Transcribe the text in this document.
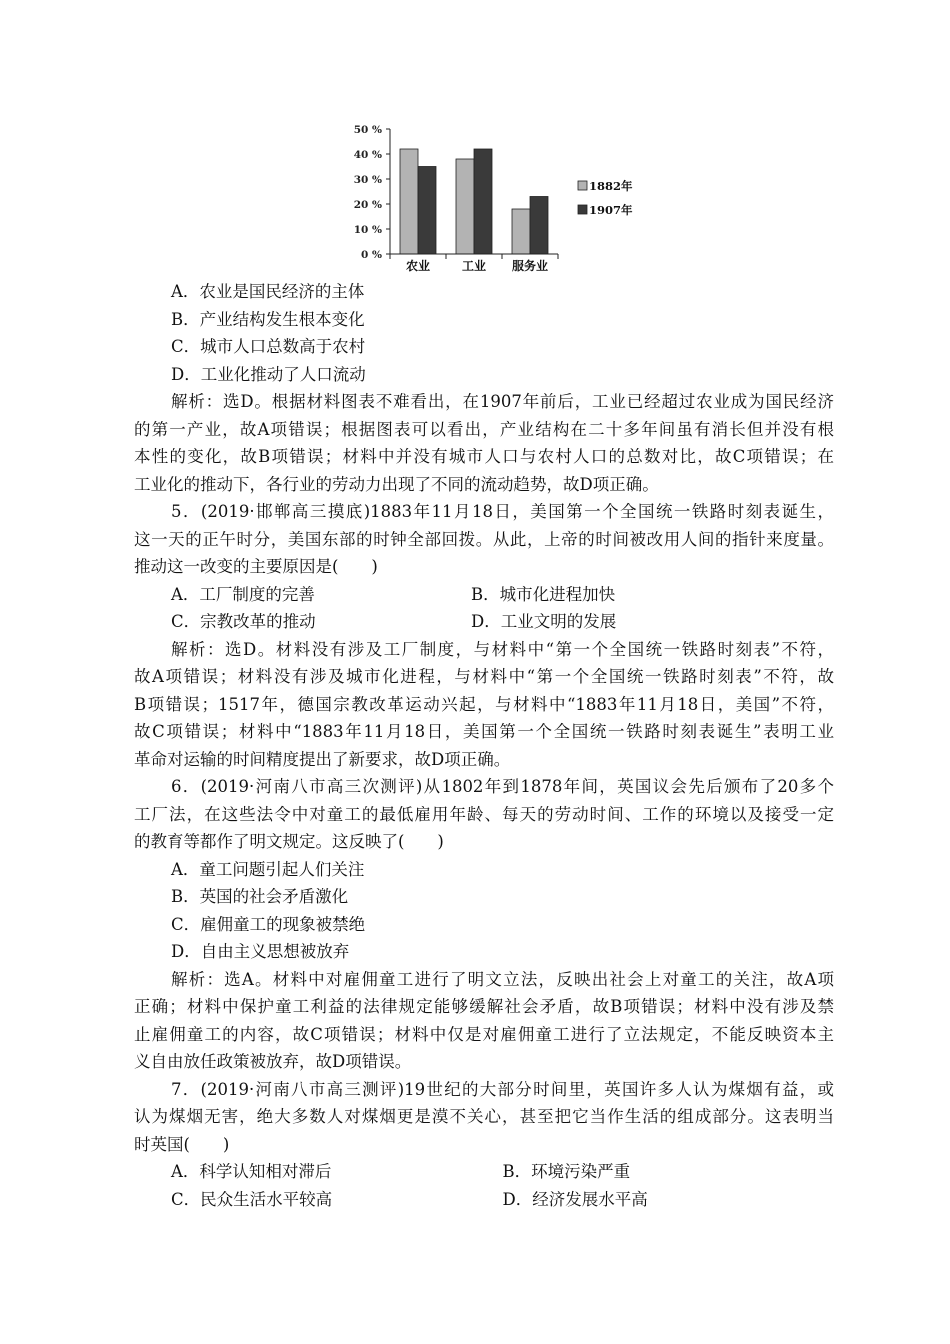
0 %
10 %
20 %
30 %
40 %
50 %
农业	工业 服务业
1882年
1907年
A．农业是国民经济的主体
B．产业结构发生根本变化
C．城市人口总数高于农村
D．工业化推动了人口流动
解析：选D。根据材料图表不难看出，在1907年前后，工业已经超过农业成为国民经济
的第一产业，故A项错误；根据图表可以看出，产业结构在二十多年间虽有消长但并没有根
本性的变化，故B项错误；材料中并没有城市人口与农村人口的总数对比，故C项错误；在
工业化的推动下，各行业的劳动力出现了不同的流动趋势，故D项正确。
5．(2019·邯郸高三摸底)1883年11月18日，美国第一个全国统一铁路时刻表诞生，
这一天的正午时分，美国东部的时钟全部回拨。从此，上帝的时间被改用人间的指针来度量。
推动这一改变的主要原因是(　　)
A．工厂制度的完善	B．城市化进程加快
C．宗教改革的推动	D．工业文明的发展
解析：选D。材料没有涉及工厂制度，与材料中“第一个全国统一铁路时刻表”不符，
故A项错误；材料没有涉及城市化进程，与材料中“第一个全国统一铁路时刻表”不符，故
B项错误；1517年，德国宗教改革运动兴起，与材料中“1883年11月18日，美国”不符，
故C项错误；材料中“1883年11月18日，美国第一个全国统一铁路时刻表诞生”表明工业
革命对运输的时间精度提出了新要求，故D项正确。
6．(2019·河南八市高三次测评)从1802年到1878年间，英国议会先后颁布了20多个
工厂法，在这些法令中对童工的最低雇用年龄、每天的劳动时间、工作的环境以及接受一定
的教育等都作了明文规定。这反映了(　　)
A．童工问题引起人们关注
B．英国的社会矛盾激化
C．雇佣童工的现象被禁绝
D．自由主义思想被放弃
解析：选A。材料中对雇佣童工进行了明文立法，反映出社会上对童工的关注，故A项
正确；材料中保护童工利益的法律规定能够缓解社会矛盾，故B项错误；材料中没有涉及禁
止雇佣童工的内容，故C项错误；材料中仅是对雇佣童工进行了立法规定，不能反映资本主
义自由放任政策被放弃，故D项错误。
7．(2019·河南八市高三测评)19世纪的大部分时间里，英国许多人认为煤烟有益，或
认为煤烟无害，绝大多数人对煤烟更是漠不关心，甚至把它当作生活的组成部分。这表明当
时英国(　　)
A．科学认知相对滞后	B．环境污染严重
C．民众生活水平较高	D．经济发展水平高
